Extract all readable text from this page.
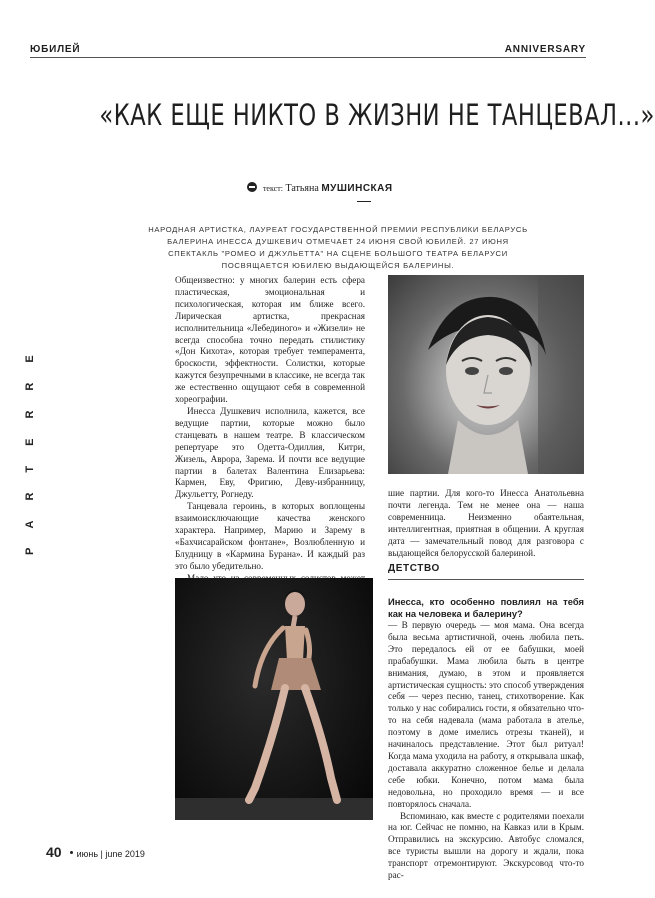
ЮБИЛЕЙ	ANNIVERSARY
«КАК ЕЩЕ НИКТО В ЖИЗНИ НЕ ТАНЦЕВАЛ...»
текст: Татьяна МУШИНСКАЯ
НАРОДНАЯ АРТИСТКА, ЛАУРЕАТ ГОСУДАРСТВЕННОЙ ПРЕМИИ РЕСПУБЛИКИ БЕЛАРУСЬ БАЛЕРИНА ИНЕССА ДУШКЕВИЧ ОТМЕЧАЕТ 24 ИЮНЯ СВОЙ ЮБИЛЕЙ. 27 ИЮНЯ СПЕКТАКЛЬ "РОМЕО И ДЖУЛЬЕТТА" НА СЦЕНЕ БОЛЬШОГО ТЕАТРА БЕЛАРУСИ ПОСВЯЩАЕТСЯ ЮБИЛЕЮ ВЫДАЮЩЕЙСЯ БАЛЕРИНЫ.
PARTERRE

Общеизвестно: у многих балерин есть сфера пластическая, эмоциональная и психологическая, которая им ближе всего. Лирическая артистка, прекрасная исполнительница «Лебединого» и «Жизели» не всегда способна точно передать стилистику «Дон Кихота», которая требует темперамента, броскости, эффектности. Солистки, которые кажутся безупречными в классике, не всегда так же естественно ощущают себя в современной хореографии.

Инесса Душкевич исполнила, кажется, все ведущие партии, которые можно было станцевать в нашем театре. В классическом репертуаре это Одетта-Одиллия, Китри, Жизель, Аврора, Зарема. И почти все ведущие партии в балетах Валентина Елизарьева: Кармен, Еву, Фригию, Деву-избранницу, Джульетту, Рогнеду.

Танцевала героинь, в которых воплощены взаимоисключающие качества женского характера. Например, Марию и Зарему в «Бахчисарайском фонтане», Возлюбленную и Блудницу в «Кармина Буранa». И каждый раз это было убедительно.

шие партии. Для кого-то Инесса Анатольевна почти легенда. Тем не менее она — наша современница. Неизменно обаятельная, интеллигентная, приятная в общении. А круглая дата — замечательный повод для разговора с выдающейся белорусской балериной.

ДЕТСТВО

Инесса, кто особенно повлиял на тебя как на человека и балерину?

— В первую очередь — моя мама. Она всегда была весьма артистичной, очень любила петь. Это передалось ей от ее бабушки, моей прабабушки. Мама любила быть в центре внимания, думаю, в этом и проявляется артистическая сущность: это способ утверждения себя — через песню, танец, стихотворение. Как только у нас собирались гости, я обязательно что-то на себя надевала (мама работала в ателье, поэтому в доме имелись отрезы тканей), и начиналось представление. Этот был ритуал! Когда мама уходила на работу, я открывала шкаф, доставала аккуратно сложенное белье и делала себе юбки. Конечно, потом мама была недовольна, но проходило время — и все повторялось сначала.

Вспоминаю, как вместе с родителями поехали на юг. Сейчас не помню, на Кавказ или в Крым. Отправились на экскурсию. Автобус сломался, все туристы вышли на дорогу и ждали, пока транспорт отремонтируют. Экскурсовод что-то рас-

40 июнь | june 2019
